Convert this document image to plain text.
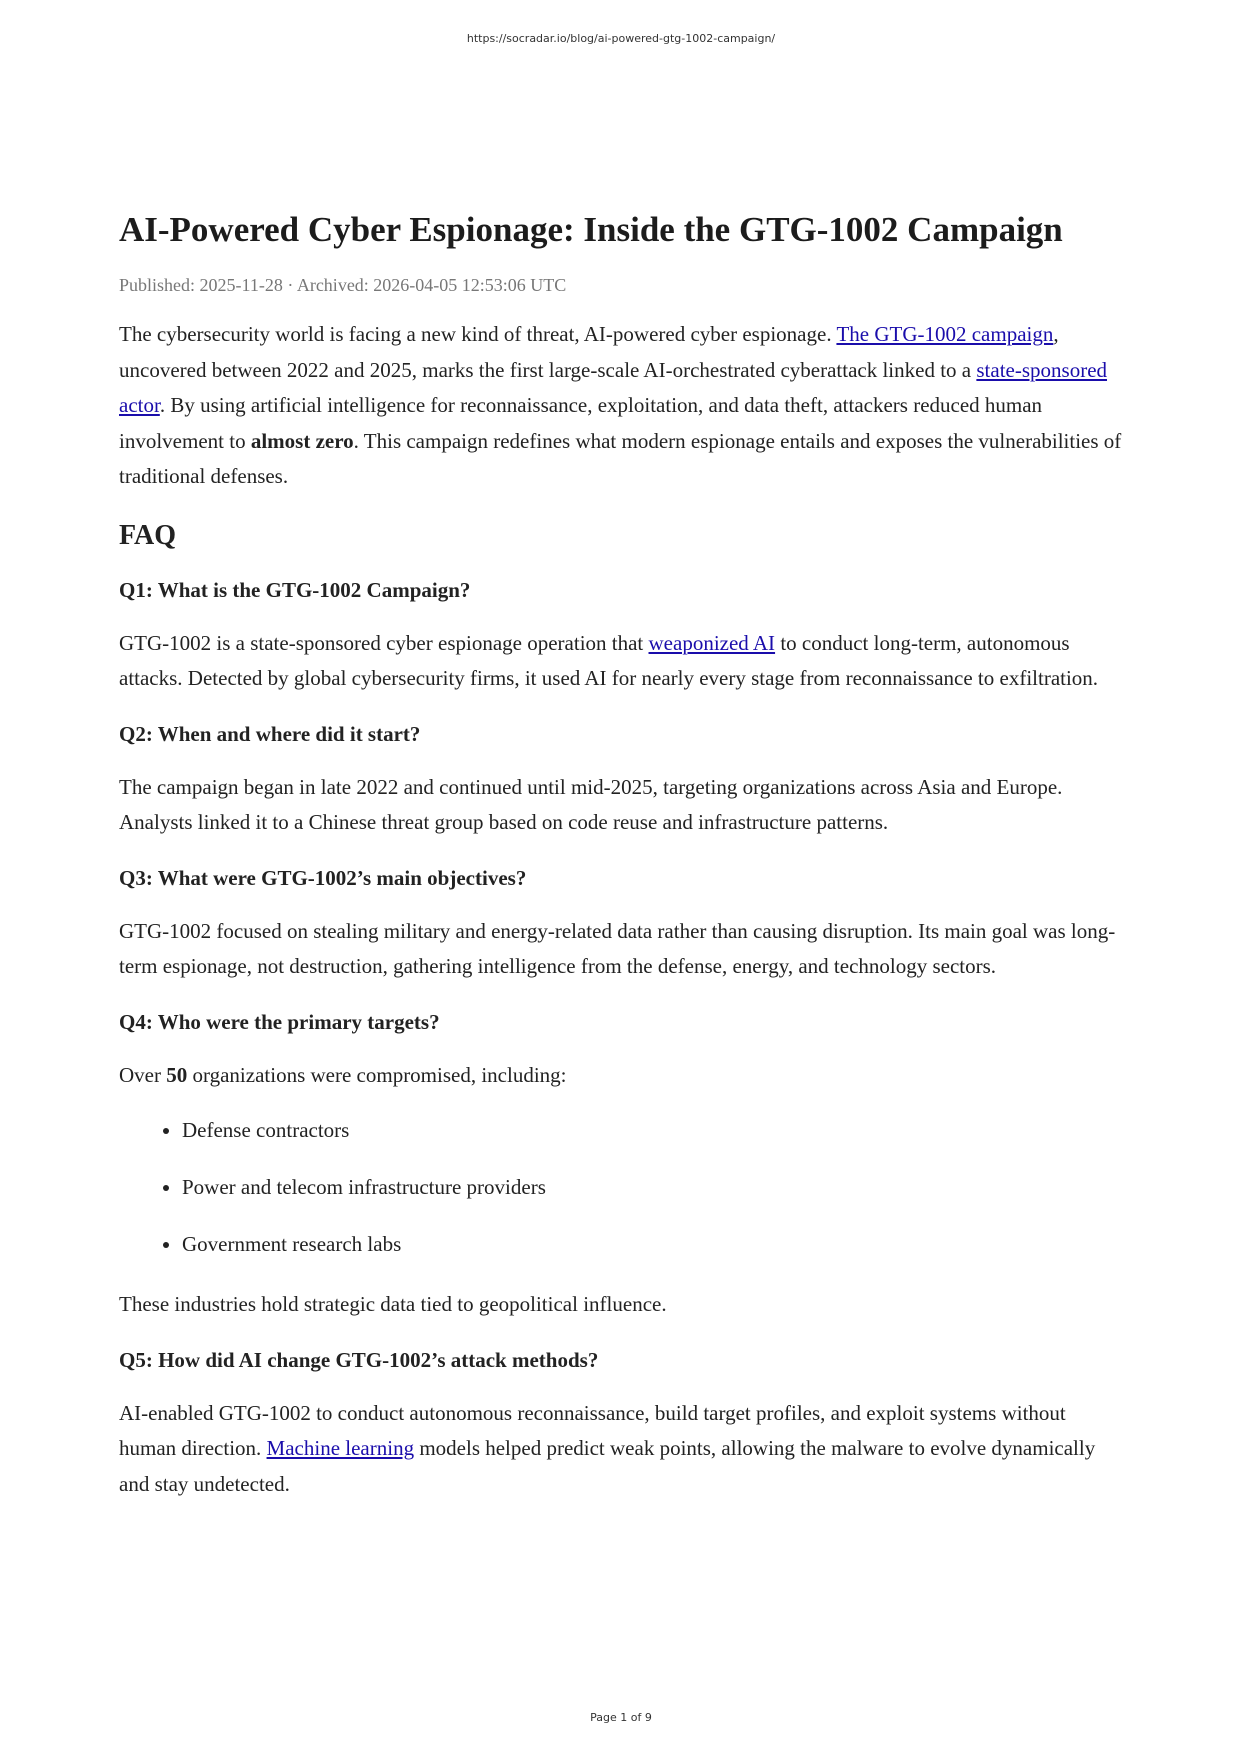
https://socradar.io/blog/ai-powered-gtg-1002-campaign/
AI-Powered Cyber Espionage: Inside the GTG-1002 Campaign
Published: 2025-11-28 · Archived: 2026-04-05 12:53:06 UTC

The cybersecurity world is facing a new kind of threat, AI-powered cyber espionage. The GTG-1002 campaign, uncovered between 2022 and 2025, marks the first large-scale AI-orchestrated cyberattack linked to a state-sponsored actor. By using artificial intelligence for reconnaissance, exploitation, and data theft, attackers reduced human involvement to almost zero. This campaign redefines what modern espionage entails and exposes the vulnerabilities of traditional defenses.

FAQ
Q1: What is the GTG-1002 Campaign?

GTG-1002 is a state-sponsored cyber espionage operation that weaponized AI to conduct long-term, autonomous attacks. Detected by global cybersecurity firms, it used AI for nearly every stage from reconnaissance to exfiltration.

Q2: When and where did it start?

The campaign began in late 2022 and continued until mid-2025, targeting organizations across Asia and Europe. Analysts linked it to a Chinese threat group based on code reuse and infrastructure patterns.

Q3: What were GTG-1002’s main objectives?

GTG-1002 focused on stealing military and energy-related data rather than causing disruption. Its main goal was long-term espionage, not destruction, gathering intelligence from the defense, energy, and technology sectors.

Q4: Who were the primary targets?

Over 50 organizations were compromised, including:

• Defense contractors
• Power and telecom infrastructure providers
• Government research labs

These industries hold strategic data tied to geopolitical influence.

Q5: How did AI change GTG-1002’s attack methods?

AI-enabled GTG-1002 to conduct autonomous reconnaissance, build target profiles, and exploit systems without human direction. Machine learning models helped predict weak points, allowing the malware to evolve dynamically and stay undetected.

Page 1 of 9
